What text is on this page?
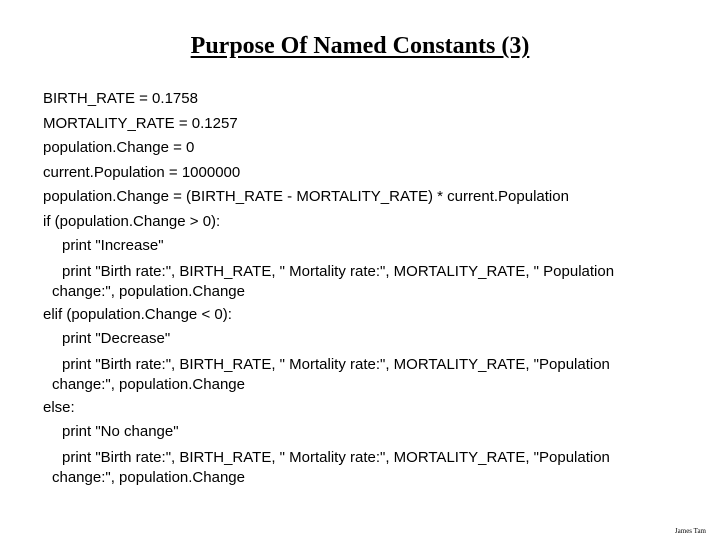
Purpose Of Named Constants (3)
BIRTH_RATE = 0.1758
MORTALITY_RATE = 0.1257
population.Change = 0
current.Population = 1000000
population.Change = (BIRTH_RATE - MORTALITY_RATE) * current.Population
if (population.Change > 0):
print "Increase"
print "Birth rate:", BIRTH_RATE, " Mortality rate:", MORTALITY_RATE, " Population
change:", population.Change
elif (population.Change < 0):
print "Decrease"
print "Birth rate:", BIRTH_RATE, " Mortality rate:", MORTALITY_RATE, "Population
change:", population.Change
else:
print "No change"
print "Birth rate:", BIRTH_RATE, " Mortality rate:", MORTALITY_RATE, "Population
change:", population.Change
James Tam
